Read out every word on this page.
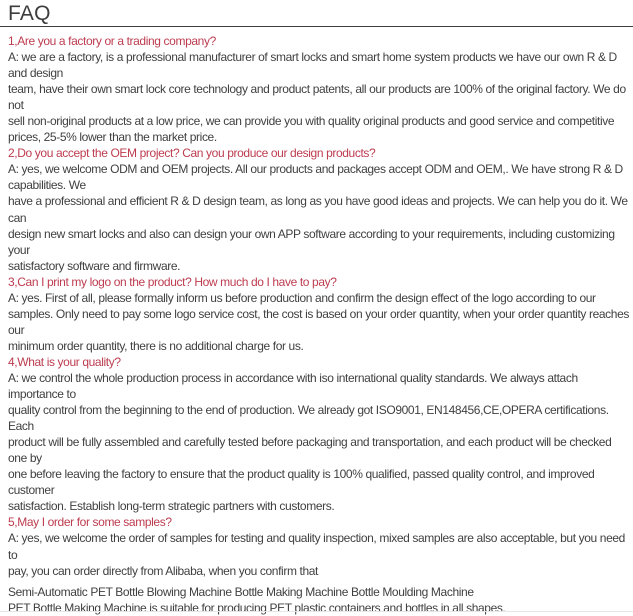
FAQ
1,Are you a factory or a trading company?
A: we are a factory, is a professional manufacturer of smart locks and smart home system products we have our own R & D
and design
team, have their own smart lock core technology and product patents, all our products are 100% of the original factory. We do
not
sell non-original products at a low price, we can provide you with quality original products and good service and competitive
prices, 25-5% lower than the market price.
2,Do you accept the OEM project? Can you produce our design products?
A: yes, we welcome ODM and OEM projects. All our products and packages accept ODM and OEM,. We have strong R & D
capabilities. We
have a professional and efficient R & D design team, as long as you have good ideas and projects. We can help you do it. We
can
design new smart locks and also can design your own APP software according to your requirements, including customizing
your
satisfactory software and firmware.
3,Can I print my logo on the product? How much do I have to pay?
A: yes. First of all, please formally inform us before production and confirm the design effect of the logo according to our
samples. Only need to pay some logo service cost, the cost is based on your order quantity, when your order quantity reaches
our
minimum order quantity, there is no additional charge for us.
4,What is your quality?
A: we control the whole production process in accordance with iso international quality standards. We always attach
importance to
quality control from the beginning to the end of production. We already got ISO9001, EN148456,CE,OPERA certifications.
Each
product will be fully assembled and carefully tested before packaging and transportation, and each product will be checked
one by
one before leaving the factory to ensure that the product quality is 100% qualified, passed quality control, and improved
customer
satisfaction. Establish long-term strategic partners with customers.
5,May I order for some samples?
A: yes, we welcome the order of samples for testing and quality inspection, mixed samples are also acceptable, but you need
to
pay, you can order directly from Alibaba, when you confirm that
Semi-Automatic PET Bottle Blowing Machine Bottle Making Machine Bottle Moulding Machine
PET Bottle Making Machine is suitable for producing PET plastic containers and bottles in all shapes.
